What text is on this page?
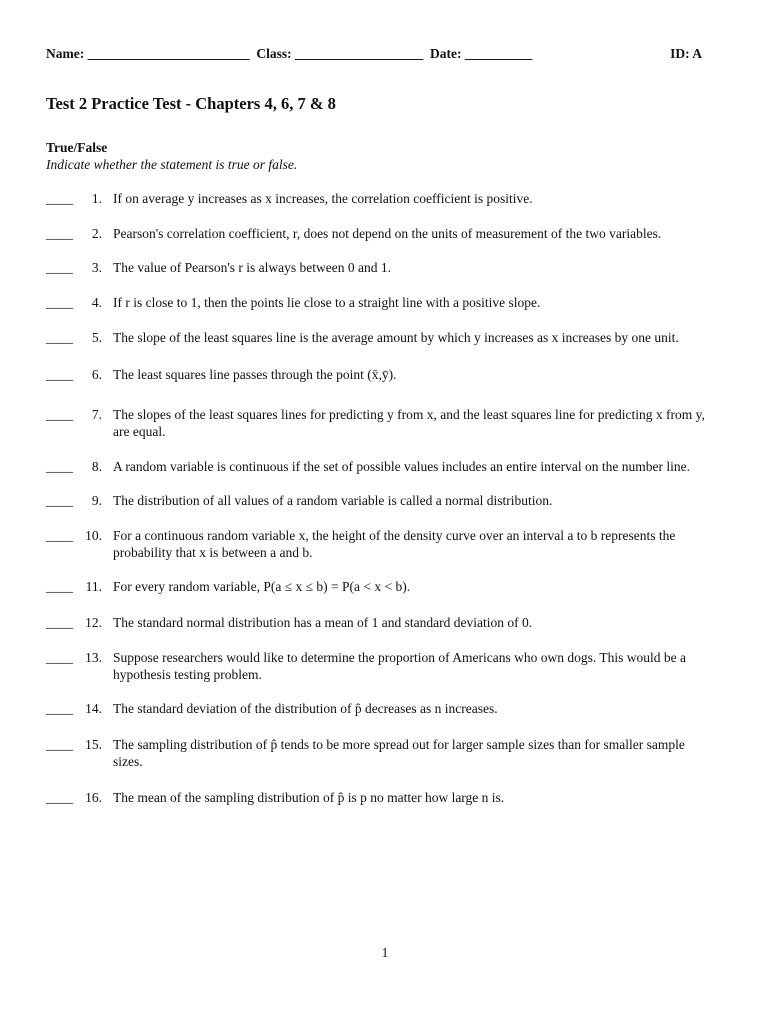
Name: ________________________  Class: ___________________  Date: __________	ID: A
Test 2 Practice Test - Chapters 4, 6, 7 & 8
True/False
Indicate whether the statement is true or false.
____	1. If on average y increases as x increases, the correlation coefficient is positive.
____	2. Pearson's correlation coefficient, r, does not depend on the units of measurement of the two variables.
____	3. The value of Pearson's r is always between 0 and 1.
____	4. If r is close to 1, then the points lie close to a straight line with a positive slope.
____	5. The slope of the least squares line is the average amount by which y increases as x increases by one unit.
____	6. The least squares line passes through the point (x̄,ȳ).
____	7. The slopes of the least squares lines for predicting y from x, and the least squares line for predicting x from y, are equal.
____	8. A random variable is continuous if the set of possible values includes an entire interval on the number line.
____	9. The distribution of all values of a random variable is called a normal distribution.
____ 10. For a continuous random variable x, the height of the density curve over an interval a to b represents the probability that x is between a and b.
____ 11. For every random variable, P(a ≤ x ≤ b) = P(a < x < b).
____ 12. The standard normal distribution has a mean of 1 and standard deviation of 0.
____ 13. Suppose researchers would like to determine the proportion of Americans who own dogs. This would be a hypothesis testing problem.
____ 14. The standard deviation of the distribution of p̂ decreases as n increases.
____ 15. The sampling distribution of p̂ tends to be more spread out for larger sample sizes than for smaller sample sizes.
____ 16. The mean of the sampling distribution of p̂ is p no matter how large n is.
1
